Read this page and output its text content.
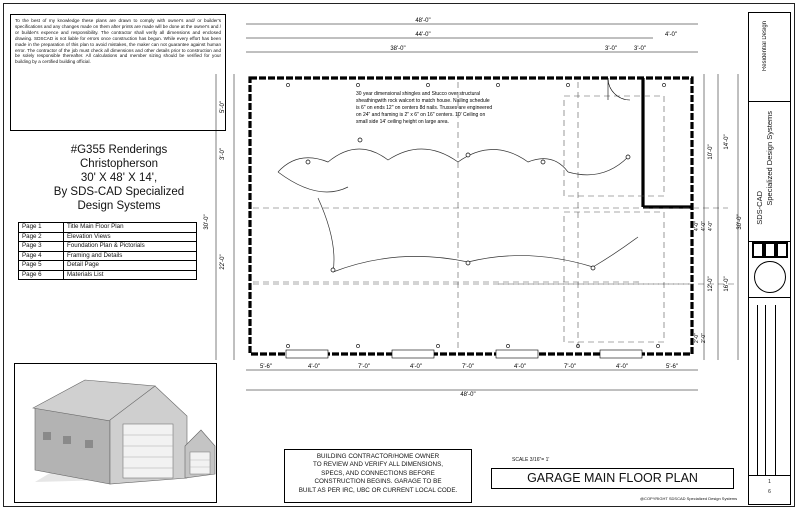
To the best of my knowledge these plans are drawn to comply with owner's and/ or builder's specifications and any changes made on them after prints are made will be done at the owner's and / or builder's expence and responsibility. The contractor shall verify all dimensions and enclosed drawing. SDSCAD is not liable for errors once construction has begun. While every effort has been made in the preparation of this plan to avoid mistakes, the maker can not guarantee against human error. The contractor of the job must check all dimensions and other details prior to construction and be solely responsible thereafter. All calculations and member sizing should be verified for your building by a certified building official.
#G355 Renderings
Christopherson
30' X 48' X 14',
By SDS-CAD Specialized
Design Systems
Page 1	Title Main Floor Plan
Page 2	Elevation Views
Page 3	Foundation Plan & Pictorials
Page 4	Framing and Details
Page 5	Detail Page
Page 6	Materials List
48'-0"
44'-0"
38'-0"	3'-0"	3'-0"
4'-0"
5'-6"	4'-0"	7'-0"	4'-0"	7'-0"	4'-0"	7'-0"	4'-0"	5'-6"
48'-0"
5'-0"
3'-0"
30'-0"
22'-0"
10'-0"
14'-0"
30'-0"
12'-0" 16'-0"
4'-0" 4'-0" 4'-0"
2'-0" 2'-0"
30 year dimensional shingles and Stucco over structural
sheathingwith rock walcort to match house. Nailing schedule
is 6" on ends 12" on centers 8d nails. Trusses are engineered
on 24" and framing is 2" x 6" on 16" centers. 10' Ceiling on
small side 14' ceiling height on large area.
BUILDING CONTRACTOR/HOME OWNER
TO REVIEW AND VERIFY ALL DIMENSIONS,
SPECS, AND CONNECTIONS BEFORE
CONSTRUCTION BEGINS. GARAGE TO BE
BUILT AS PER IRC, UBC OR CURRENT LOCAL CODE.
SCALE 3/16"= 1'
GARAGE MAIN FLOOR PLAN
@COPYRIGHT SDSCAD Specialized Design Systems
Residential Design
SDS-CAD
Specialized Design Systems
1
6
